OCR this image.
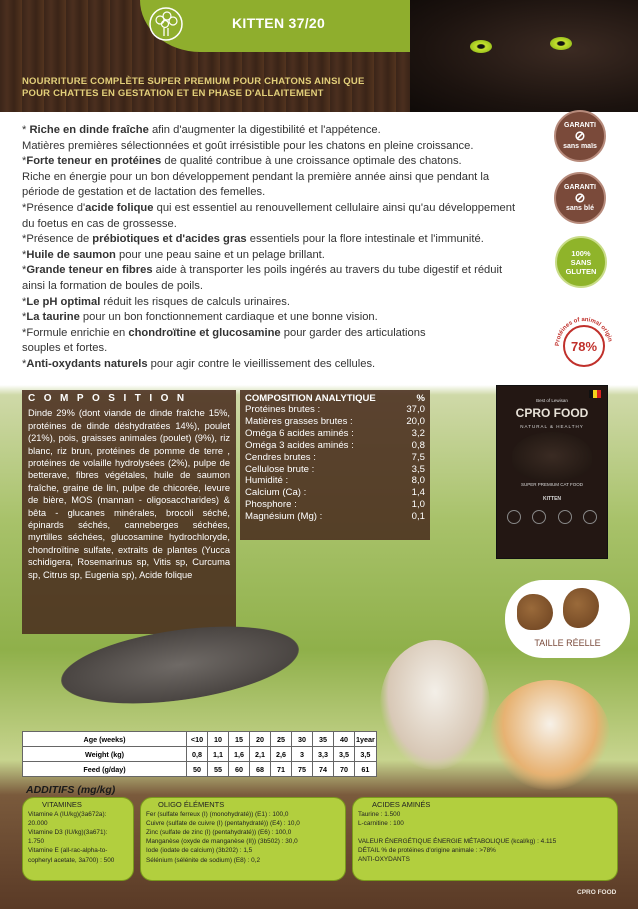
KITTEN 37/20
NOURRITURE COMPLÈTE SUPER PREMIUM POUR CHATONS AINSI QUE
POUR CHATTES EN GESTATION ET EN PHASE D'ALLAITEMENT

* Riche en dinde fraîche afin d'augmenter la digestibilité et l'appétence.

Matières premières sélectionnées et goût irrésistible pour les chatons en pleine croissance.

*Forte teneur en protéines de qualité contribue à une croissance optimale des chatons.

Riche en énergie pour un bon développement pendant la première année ainsi que pendant la

période de gestation et de lactation des femelles.

*Présence d'acide folique qui est essentiel au renouvellement cellulaire ainsi qu'au développement

du foetus en cas de grossesse.

*Présence de prébiotiques et d'acides gras essentiels pour la flore intestinale et l'immunité.

*Huile de saumon pour une peau saine et un pelage brillant.

*Grande teneur en fibres aide à transporter les poils ingérés au travers du tube digestif et réduit

ainsi la formation de boules de poils.

*Le pH optimal réduit les risques de calculs urinaires.

*La taurine pour un bon fonctionnement cardiaque et une bonne vision.

*Formule enrichie en chondroïtine et glucosamine pour garder des articulations

souples et fortes.

*Anti-oxydants naturels pour agir contre le vieillissement des cellules.

GARANTI
⊘
sans maïs
GARANTI
⊘
sans blé
100%
SANS
GLUTEN
Protéines of animal origin
78%
COMPOSITION
Dinde 29% (dont viande de dinde fraîche 15%, protéines de dinde déshydratées 14%), poulet (21%), pois, graisses animales (poulet) (9%), riz blanc, riz brun, protéines de pomme de terre , protéines de volaille hydrolysées (2%), pulpe de betterave, fibres végétales, huile de saumon fraîche, graine de lin, pulpe de chicorée, levure de bière, MOS (mannan - oligosaccharides) & bêta - glucanes minérales, brocoli séché, épinards séchés, canneberges séchées, myrtilles séchées, glucosamine hydrochloryde, chondroïtine sulfate, extraits de plantes (Yucca schidigera, Rosemarinus sp, Vitis sp, Curcuma sp, Citrus sp, Eugenia sp), Acide folique
COMPOSITION ANALYTIQUE	%
Protéines brutes :	37,0
Matières grasses brutes :	20,0
Oméga 6 acides aminés :	3,2
Oméga 3 acides aminés :	0,8
Cendres brutes :	7,5
Cellulose brute :	3,5
Humidité :	8,0
Calcium (Ca) :	1,4
Phosphore :	1,0
Magnésium (Mg) :	0,1
Best of Lewisan
CPRO FOOD
NATURAL & HEALTHY
SUPER PREMIUM CAT FOOD
KITTEN
TAILLE RÉELLE
Age (weeks)	<10	10	15	20	25	30	35	40	1year
Weight (kg)	0,8	1,1	1,6	2,1	2,6	3	3,3	3,5	3,5
Feed (g/day)	50	55	60	68	71	75	74	70	61
ADDITIFS (mg/kg)
VITAMINES
Vitamine A (IU/kg)(3a672a):
20.000
Vitamine D3 (IU/kg)(3a671):
1.750
Vitamine E (all-rac-alpha-to-
copheryl acetate, 3a700) : 500
OLIGO ÉLÉMENTS
Fer (sulfate ferreux (I) (monohydraté)) (E1) : 100,0
Cuivre (sulfate de cuivre (I) (pentahydraté)) (E4) : 10,0
Zinc (sulfate de zinc (I) (pentahydraté)) (E6) : 100,0
Manganèse (oxyde de manganèse (II)) (3b502) : 30,0
Iode (iodate de calcium) (3b202) : 1,5
Sélénium (sélénite de sodium) (E8) : 0,2
ACIDES AMINÉS
Taurine : 1.500
L-carnitine : 100
VALEUR ÉNERGÉTIQUE ÉNERGIE MÉTABOLIQUE (kcal/kg) : 4.115
DÉTAIL % de protéines d'origine animale : >78%
ANTI-OXYDANTS
CPRO FOOD
